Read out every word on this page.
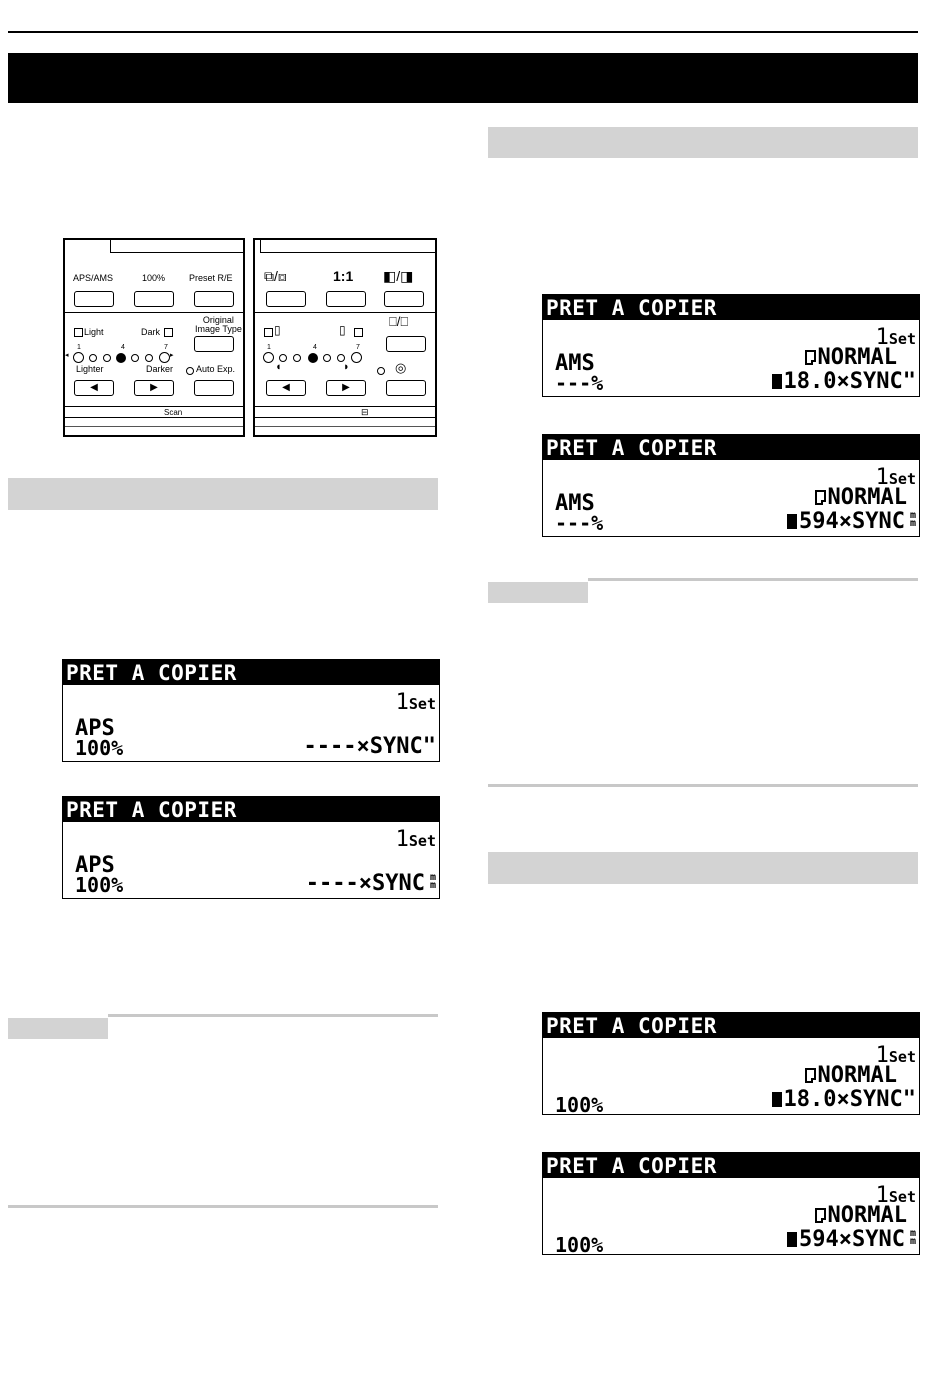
APS/AMS	100%	Preset R/E
Light	Dark
Original
Image Type
1	4	7
◂	▸
Lighter	Darker	Auto Exp.
◀	▶
Scan
⧉/⧈	1:1 ◧/◨
▯	▯
⎕/⎕
1	4	7
◖	◗	◎
◀	▶
⊟
PRET A COPIER
1Set
APS
100%	----×SYNC"
PRET A COPIER
1Set
APS
100%	----×SYNC m
m
PRET A COPIER
1Set
AMS
---%
NORMAL
18.0×SYNC"
PRET A COPIER
1Set
AMS
---%
NORMAL
594×SYNC m
m
PRET A COPIER
1Set
100%
NORMAL
18.0×SYNC"
PRET A COPIER
1Set
100%
NORMAL
594×SYNC m
m
